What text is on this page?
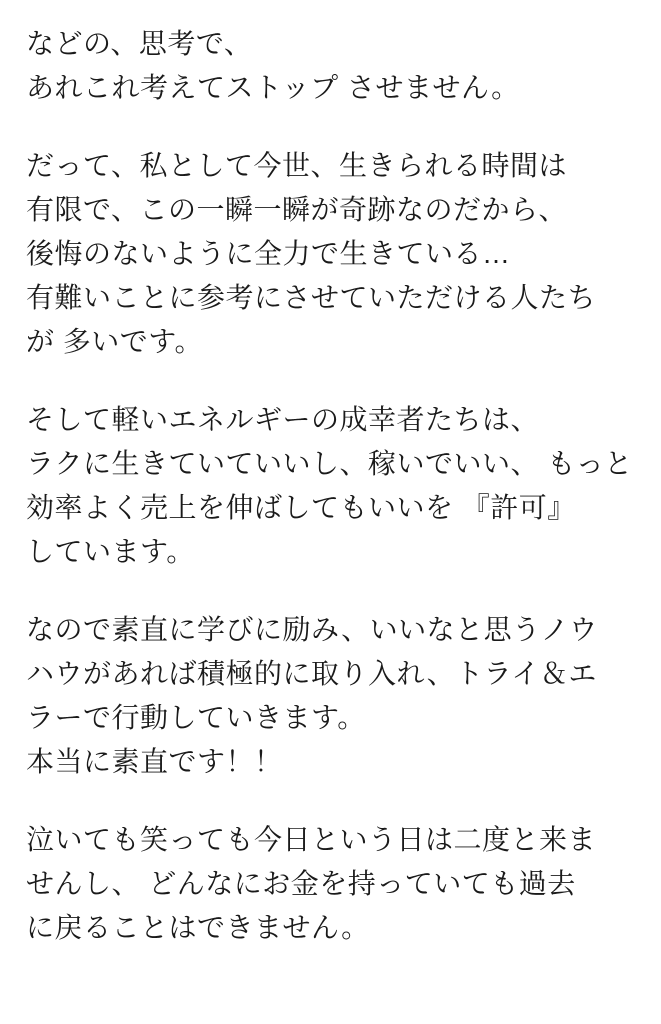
などの、思考で、
あれこれ考えてストップ させません。
だって、私として今世、生きられる時間は
有限で、この一瞬一瞬が奇跡なのだから、
後悔のないように全力で生きている…
有難いことに参考にさせていただける人たち
が 多いです。
そして軽いエネルギーの成幸者たちは、
ラクに生きていていいし、稼いでいい、 もっと
効率よく売上を伸ばしてもいいを 『許可』
しています。
なので素直に学びに励み、いいなと思うノウ
ハウがあれば積極的に取り入れ、トライ＆エ
ラーで行動していきます。
本当に素直です！！
泣いても笑っても今日という日は二度と来ま
せんし、 どんなにお金を持っていても過去
に戻ることはできません。
